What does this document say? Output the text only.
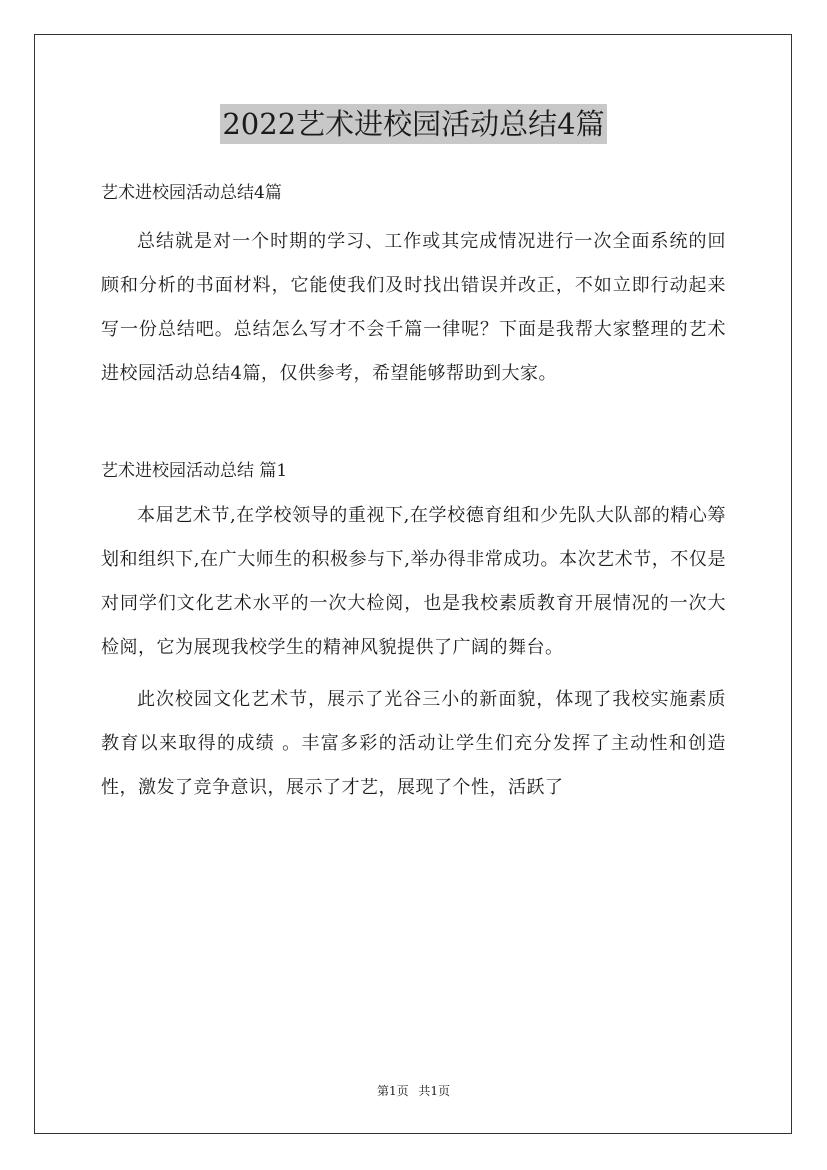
2022艺术进校园活动总结4篇

艺术进校园活动总结4篇

总结就是对一个时期的学习、工作或其完成情况进行一次全面系统的回顾和分析的书面材料，它能使我们及时找出错误并改正，不如立即行动起来写一份总结吧。总结怎么写才不会千篇一律呢？下面是我帮大家整理的艺术进校园活动总结4篇，仅供参考，希望能够帮助到大家。

艺术进校园活动总结 篇1

本届艺术节,在学校领导的重视下,在学校德育组和少先队大队部的精心筹划和组织下,在广大师生的积极参与下,举办得非常成功。本次艺术节，不仅是对同学们文化艺术水平的一次大检阅，也是我校素质教育开展情况的一次大检阅，它为展现我校学生的精神风貌提供了广阔的舞台。

此次校园文化艺术节，展示了光谷三小的新面貌，体现了我校实施素质教育以来取得的成绩 。丰富多彩的活动让学生们充分发挥了主动性和创造性，激发了竞争意识，展示了才艺，展现了个性，活跃了

第1页 共1页
